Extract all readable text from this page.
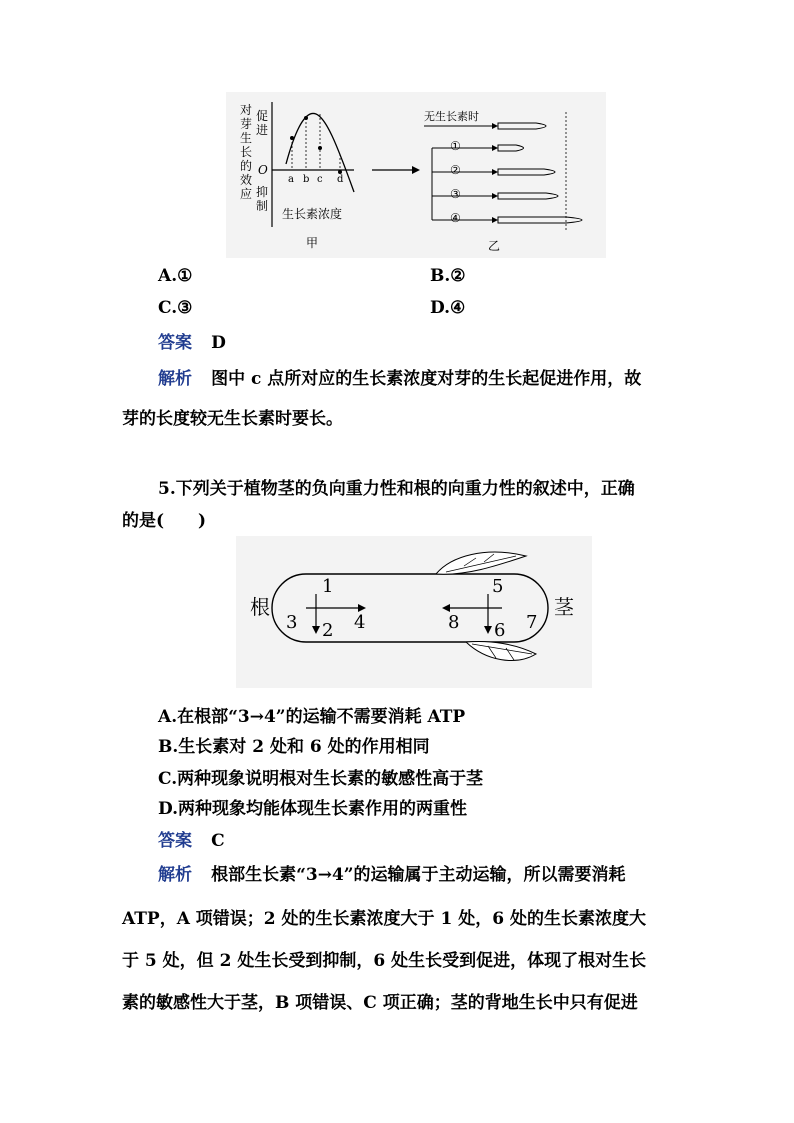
对
芽
生
长
的
效
应
促
进
O
抑
制
a b c d
生长素浓度
甲
无生长素时
①
②
③
④
乙
A.①	B.②
C.③	D.④
答案 D
解析 图中 c 点所对应的生长素浓度对芽的生长起促进作用，故
芽的长度较无生长素时要长。
5.下列关于植物茎的负向重力性和根的向重力性的叙述中，正确
的是(　　)
根	茎
1
2
3	4
5
6 7
8
A.在根部“3→4”的运输不需要消耗 ATP
B.生长素对 2 处和 6 处的作用相同
C.两种现象说明根对生长素的敏感性高于茎
D.两种现象均能体现生长素作用的两重性
答案 C
解析 根部生长素“3→4”的运输属于主动运输，所以需要消耗
ATP，A 项错误；2 处的生长素浓度大于 1 处，6 处的生长素浓度大
于 5 处，但 2 处生长受到抑制，6 处生长受到促进，体现了根对生长
素的敏感性大于茎，B 项错误、C 项正确；茎的背地生长中只有促进
